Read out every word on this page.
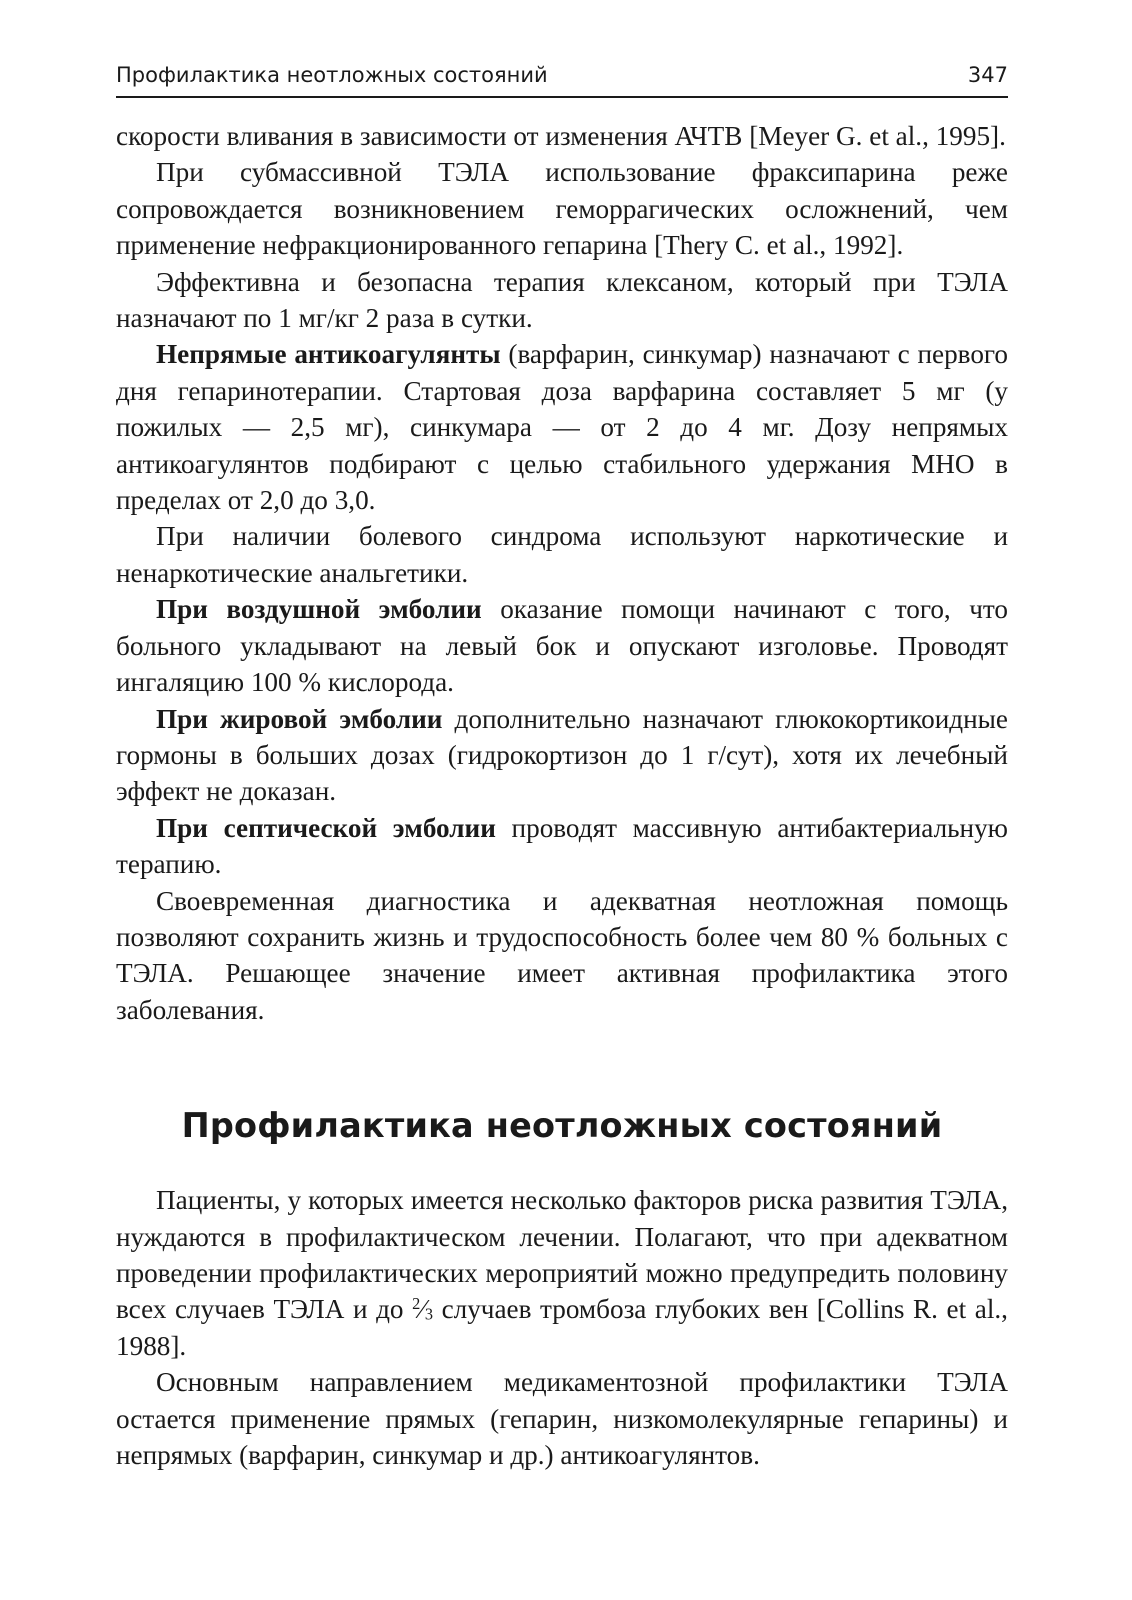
Профилактика неотложных состояний	347

скорости вливания в зависимости от изменения АЧТВ [Meyer G. et al., 1995].

При субмассивной ТЭЛА использование фраксипарина реже сопровождается возникновением геморрагических осложнений, чем применение нефракционированного гепарина [Thery C. et al., 1992].

Эффективна и безопасна терапия клексаном, который при ТЭЛА назначают по 1 мг/кг 2 раза в сутки.

Непрямые антикоагулянты (варфарин, синкумар) назначают с первого дня гепаринотерапии. Стартовая доза варфарина составляет 5 мг (у пожилых — 2,5 мг), синкумара — от 2 до 4 мг. Дозу непрямых антикоагулянтов подбирают с целью стабильного удержания МНО в пределах от 2,0 до 3,0.

При наличии болевого синдрома используют наркотические и ненаркотические анальгетики.

При воздушной эмболии оказание помощи начинают с того, что больного укладывают на левый бок и опускают изголовье. Проводят ингаляцию 100 % кислорода.

При жировой эмболии дополнительно назначают глюкокортикоидные гормоны в больших дозах (гидрокортизон до 1 г/сут), хотя их лечебный эффект не доказан.

При септической эмболии проводят массивную антибактериальную терапию.

Своевременная диагностика и адекватная неотложная помощь позволяют сохранить жизнь и трудоспособность более чем 80 % больных с ТЭЛА. Решающее значение имеет активная профилактика этого заболевания.

Профилактика неотложных состояний

Пациенты, у которых имеется несколько факторов риска развития ТЭЛА, нуждаются в профилактическом лечении. Полагают, что при адекватном проведении профилактических мероприятий можно предупредить половину всех случаев ТЭЛА и до $^2⁄_3$ случаев тромбоза глубоких вен [Collins R. et al., 1988].

Основным направлением медикаментозной профилактики ТЭЛА остается применение прямых (гепарин, низкомолекулярные гепарины) и непрямых (варфарин, синкумар и др.) антикоагулянтов.
